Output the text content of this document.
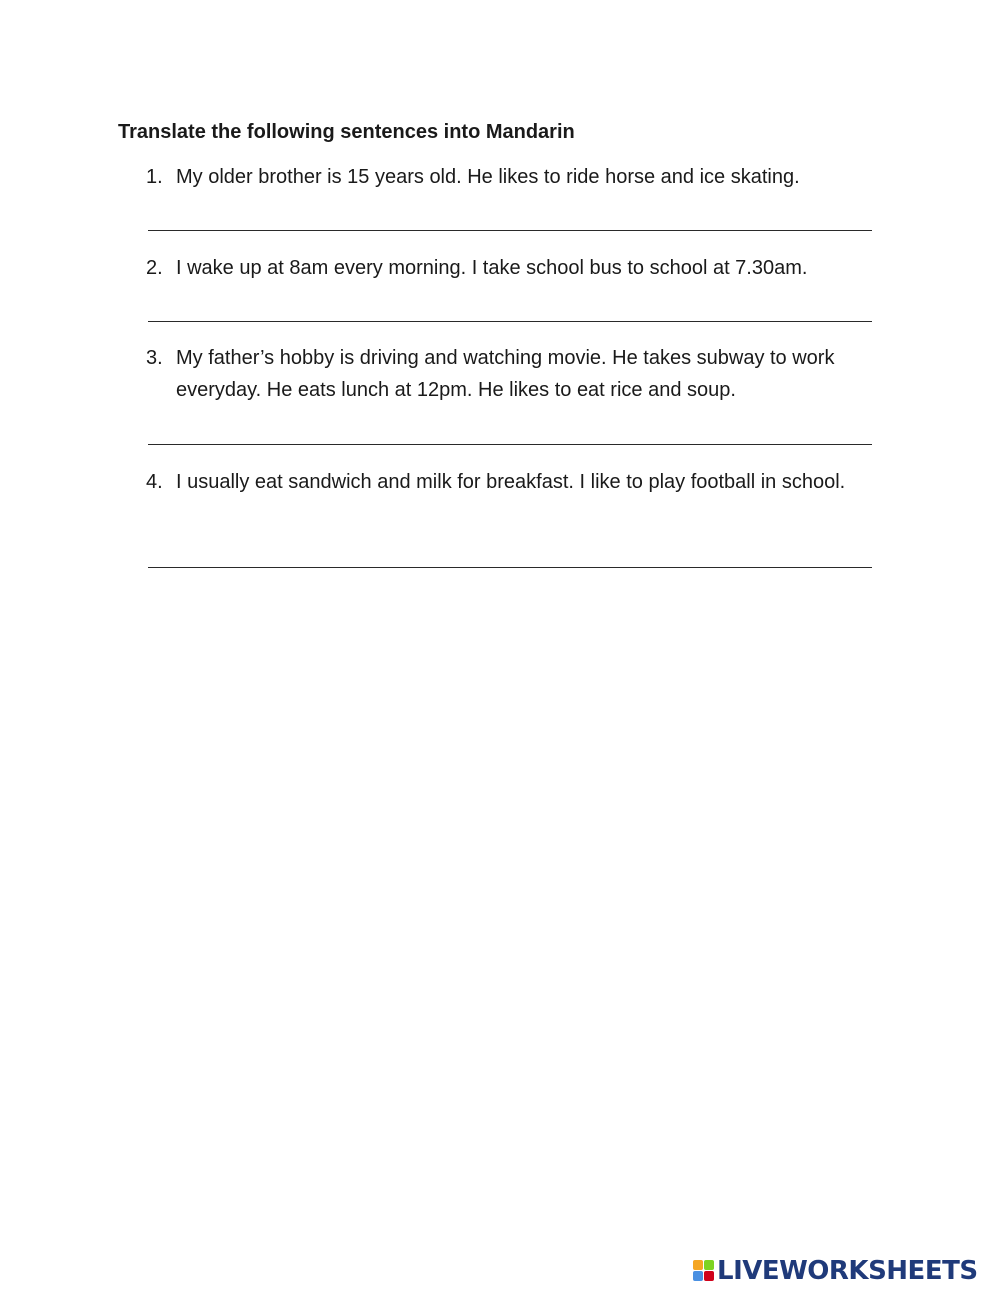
Translate the following sentences into Mandarin
1. My older brother is 15 years old. He likes to ride horse and ice skating.
2. I wake up at 8am every morning. I take school bus to school at 7.30am.
3. My father’s hobby is driving and watching movie. He takes subway to work everyday. He eats lunch at 12pm. He likes to eat rice and soup.
4. I usually eat sandwich and milk for breakfast. I like to play football in school.
LIVEWORKSHEETS
